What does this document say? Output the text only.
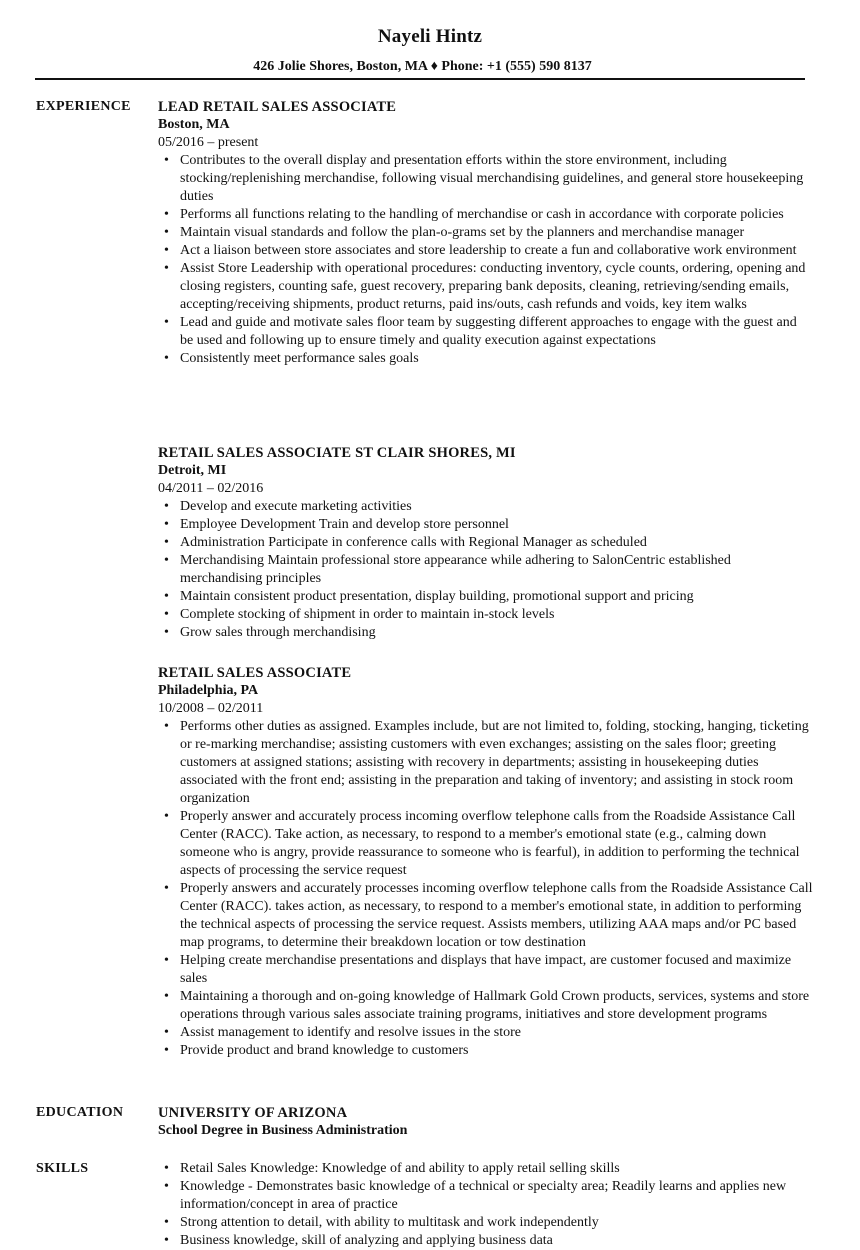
Nayeli Hintz
426 Jolie Shores, Boston, MA ♦ Phone: +1 (555) 590 8137
EXPERIENCE LEAD RETAIL SALES ASSOCIATE
Boston, MA
05/2016 – present
• Contributes to the overall display and presentation efforts within the store environment, including stocking/replenishing merchandise, following visual merchandising guidelines, and general store housekeeping duties
• Performs all functions relating to the handling of merchandise or cash in accordance with corporate policies
• Maintain visual standards and follow the plan-o-grams set by the planners and merchandise manager
• Act a liaison between store associates and store leadership to create a fun and collaborative work environment
• Assist Store Leadership with operational procedures: conducting inventory, cycle counts, ordering, opening and closing registers, counting safe, guest recovery, preparing bank deposits, cleaning, retrieving/sending emails, accepting/receiving shipments, product returns, paid ins/outs, cash refunds and voids, key item walks
• Lead and guide and motivate sales floor team by suggesting different approaches to engage with the guest and be used and following up to ensure timely and quality execution against expectations
• Consistently meet performance sales goals
RETAIL SALES ASSOCIATE ST CLAIR SHORES, MI
Detroit, MI
04/2011 – 02/2016
• Develop and execute marketing activities
• Employee Development Train and develop store personnel
• Administration Participate in conference calls with Regional Manager as scheduled
• Merchandising Maintain professional store appearance while adhering to SalonCentric established merchandising principles
• Maintain consistent product presentation, display building, promotional support and pricing
• Complete stocking of shipment in order to maintain in-stock levels
• Grow sales through merchandising
RETAIL SALES ASSOCIATE
Philadelphia, PA
10/2008 – 02/2011
• Performs other duties as assigned. Examples include, but are not limited to, folding, stocking, hanging, ticketing or re-marking merchandise; assisting customers with even exchanges; assisting on the sales floor; greeting customers at assigned stations; assisting with recovery in departments; assisting in housekeeping duties associated with the front end; assisting in the preparation and taking of inventory; and assisting in stock room organization
• Properly answer and accurately process incoming overflow telephone calls from the Roadside Assistance Call Center (RACC). Take action, as necessary, to respond to a member's emotional state (e.g., calming down someone who is angry, provide reassurance to someone who is fearful), in addition to performing the technical aspects of processing the service request
• Properly answers and accurately processes incoming overflow telephone calls from the Roadside Assistance Call Center (RACC). takes action, as necessary, to respond to a member's emotional state, in addition to performing the technical aspects of processing the service request. Assists members, utilizing AAA maps and/or PC based map programs, to determine their breakdown location or tow destination
• Helping create merchandise presentations and displays that have impact, are customer focused and maximize sales
• Maintaining a thorough and on-going knowledge of Hallmark Gold Crown products, services, systems and store operations through various sales associate training programs, initiatives and store development programs
• Assist management to identify and resolve issues in the store
• Provide product and brand knowledge to customers
EDUCATION UNIVERSITY OF ARIZONA
School Degree in Business Administration
SKILLS	• Retail Sales Knowledge: Knowledge of and ability to apply retail selling skills
• Knowledge - Demonstrates basic knowledge of a technical or specialty area; Readily learns and applies new information/concept in area of practice
• Strong attention to detail, with ability to multitask and work independently
• Business knowledge, skill of analyzing and applying business data
